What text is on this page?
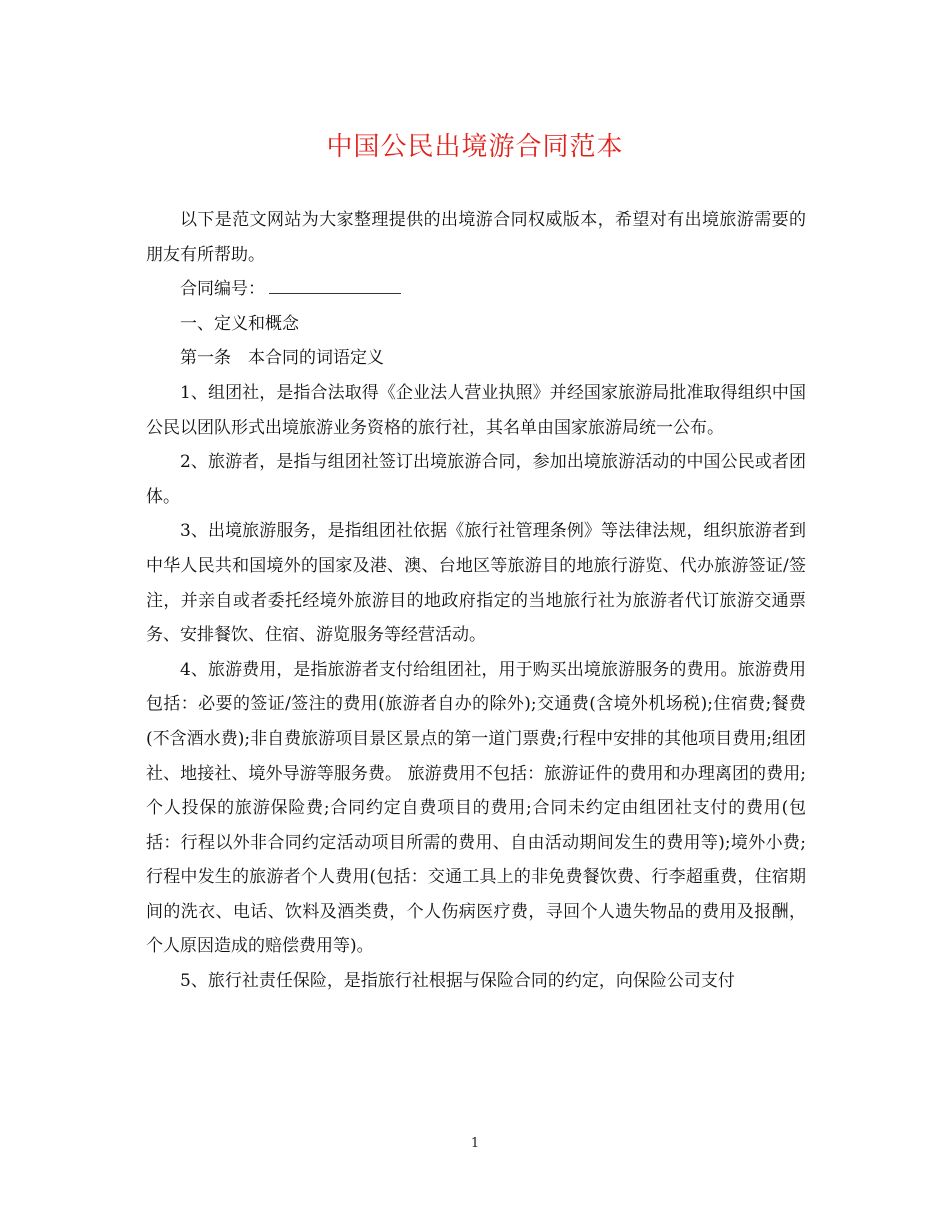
中国公民出境游合同范本

以下是范文网站为大家整理提供的出境游合同权威版本，希望对有出境旅游需要的朋友有所帮助。

合同编号：

一、定义和概念

第一条　本合同的词语定义

1、组团社，是指合法取得《企业法人营业执照》并经国家旅游局批准取得组织中国公民以团队形式出境旅游业务资格的旅行社，其名单由国家旅游局统一公布。

2、旅游者，是指与组团社签订出境旅游合同，参加出境旅游活动的中国公民或者团体。

3、出境旅游服务，是指组团社依据《旅行社管理条例》等法律法规，组织旅游者到中华人民共和国境外的国家及港、澳、台地区等旅游目的地旅行游览、代办旅游签证/签注，并亲自或者委托经境外旅游目的地政府指定的当地旅行社为旅游者代订旅游交通票务、安排餐饮、住宿、游览服务等经营活动。

4、旅游费用，是指旅游者支付给组团社，用于购买出境旅游服务的费用。旅游费用包括：必要的签证/签注的费用(旅游者自办的除外);交通费(含境外机场税);住宿费;餐费(不含酒水费);非自费旅游项目景区景点的第一道门票费;行程中安排的其他项目费用;组团社、地接社、境外导游等服务费。 旅游费用不包括：旅游证件的费用和办理离团的费用;个人投保的旅游保险费;合同约定自费项目的费用;合同未约定由组团社支付的费用(包括：行程以外非合同约定活动项目所需的费用、自由活动期间发生的费用等);境外小费;行程中发生的旅游者个人费用(包括：交通工具上的非免费餐饮费、行李超重费，住宿期间的洗衣、电话、饮料及酒类费，个人伤病医疗费，寻回个人遗失物品的费用及报酬，个人原因造成的赔偿费用等)。

5、旅行社责任保险，是指旅行社根据与保险合同的约定，向保险公司支付

1
